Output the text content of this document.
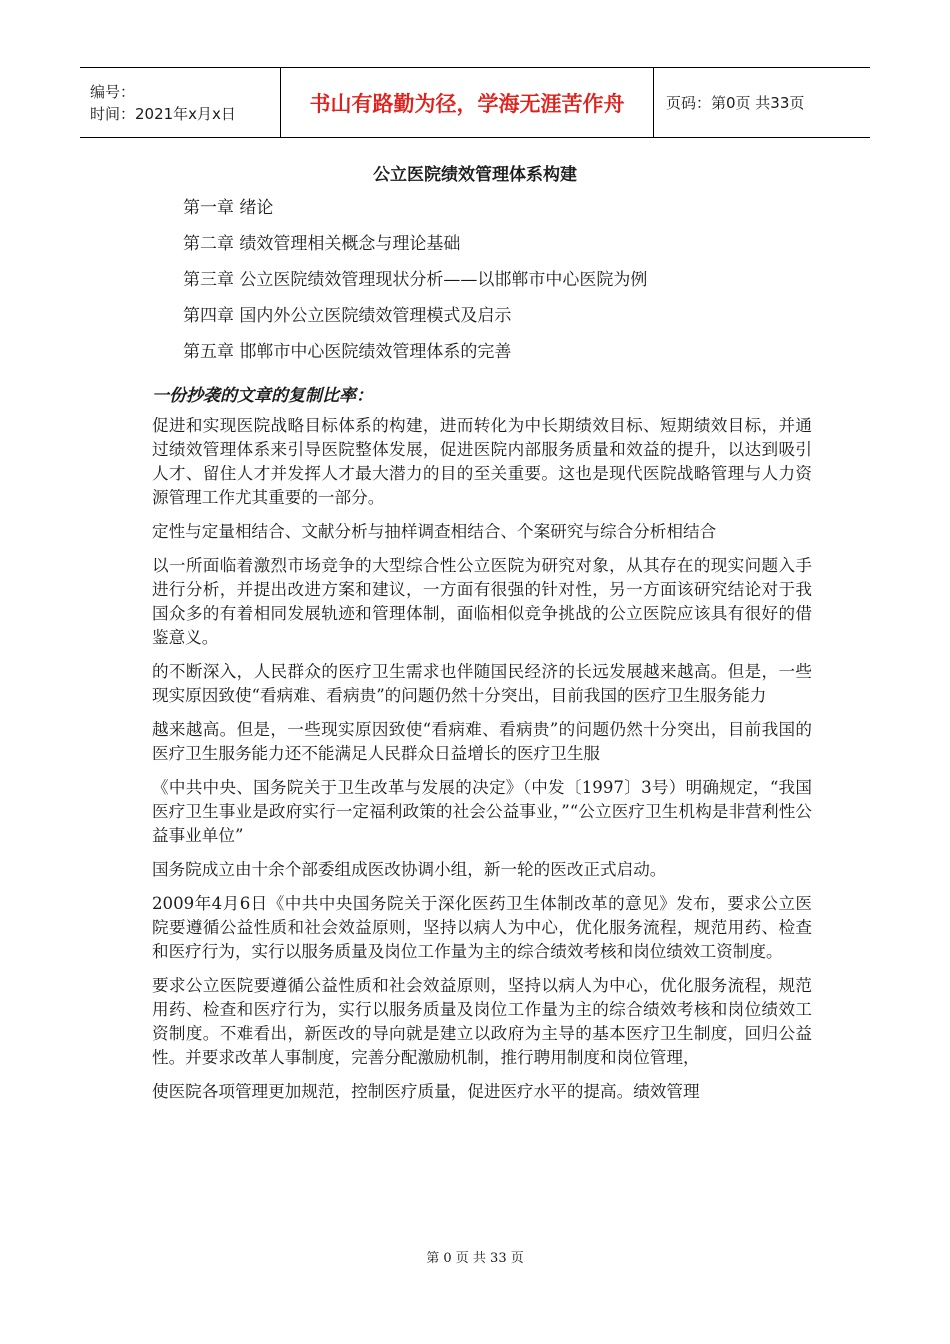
编号：
时间：2021年x月x日	书山有路勤为径，学海无涯苦作舟	页码：第0页 共33页
公立医院绩效管理体系构建
第一章 绪论
第二章 绩效管理相关概念与理论基础
第三章 公立医院绩效管理现状分析——以邯郸市中心医院为例
第四章 国内外公立医院绩效管理模式及启示
第五章 邯郸市中心医院绩效管理体系的完善
一份抄袭的文章的复制比率：

促进和实现医院战略目标体系的构建，进而转化为中长期绩效目标、短期绩效目标，并通过绩效管理体系来引导医院整体发展，促进医院内部服务质量和效益的提升，以达到吸引人才、留住人才并发挥人才最大潜力的目的至关重要。这也是现代医院战略管理与人力资源管理工作尤其重要的一部分。

定性与定量相结合、文献分析与抽样调查相结合、个案研究与综合分析相结合

以一所面临着激烈市场竞争的大型综合性公立医院为研究对象，从其存在的现实问题入手进行分析，并提出改进方案和建议，一方面有很强的针对性，另一方面该研究结论对于我国众多的有着相同发展轨迹和管理体制，面临相似竞争挑战的公立医院应该具有很好的借鉴意义。

的不断深入，人民群众的医疗卫生需求也伴随国民经济的长远发展越来越高。但是，一些现实原因致使“看病难、看病贵”的问题仍然十分突出，目前我国的医疗卫生服务能力

越来越高。但是，一些现实原因致使“看病难、看病贵”的问题仍然十分突出，目前我国的医疗卫生服务能力还不能满足人民群众日益增长的医疗卫生服

《中共中央、国务院关于卫生改革与发展的决定》（中发〔1997〕3号）明确规定，“我国医疗卫生事业是政府实行一定福利政策的社会公益事业，”“公立医疗卫生机构是非营利性公益事业单位”

国务院成立由十余个部委组成医改协调小组，新一轮的医改正式启动。

2009年4月6日《中共中央国务院关于深化医药卫生体制改革的意见》发布，要求公立医院要遵循公益性质和社会效益原则，坚持以病人为中心，优化服务流程，规范用药、检查和医疗行为，实行以服务质量及岗位工作量为主的综合绩效考核和岗位绩效工资制度。

要求公立医院要遵循公益性质和社会效益原则，坚持以病人为中心，优化服务流程，规范用药、检查和医疗行为，实行以服务质量及岗位工作量为主的综合绩效考核和岗位绩效工资制度。不难看出，新医改的导向就是建立以政府为主导的基本医疗卫生制度，回归公益性。并要求改革人事制度，完善分配激励机制，推行聘用制度和岗位管理，

使医院各项管理更加规范，控制医疗质量，促进医疗水平的提高。绩效管理

第 0 页 共 33 页
